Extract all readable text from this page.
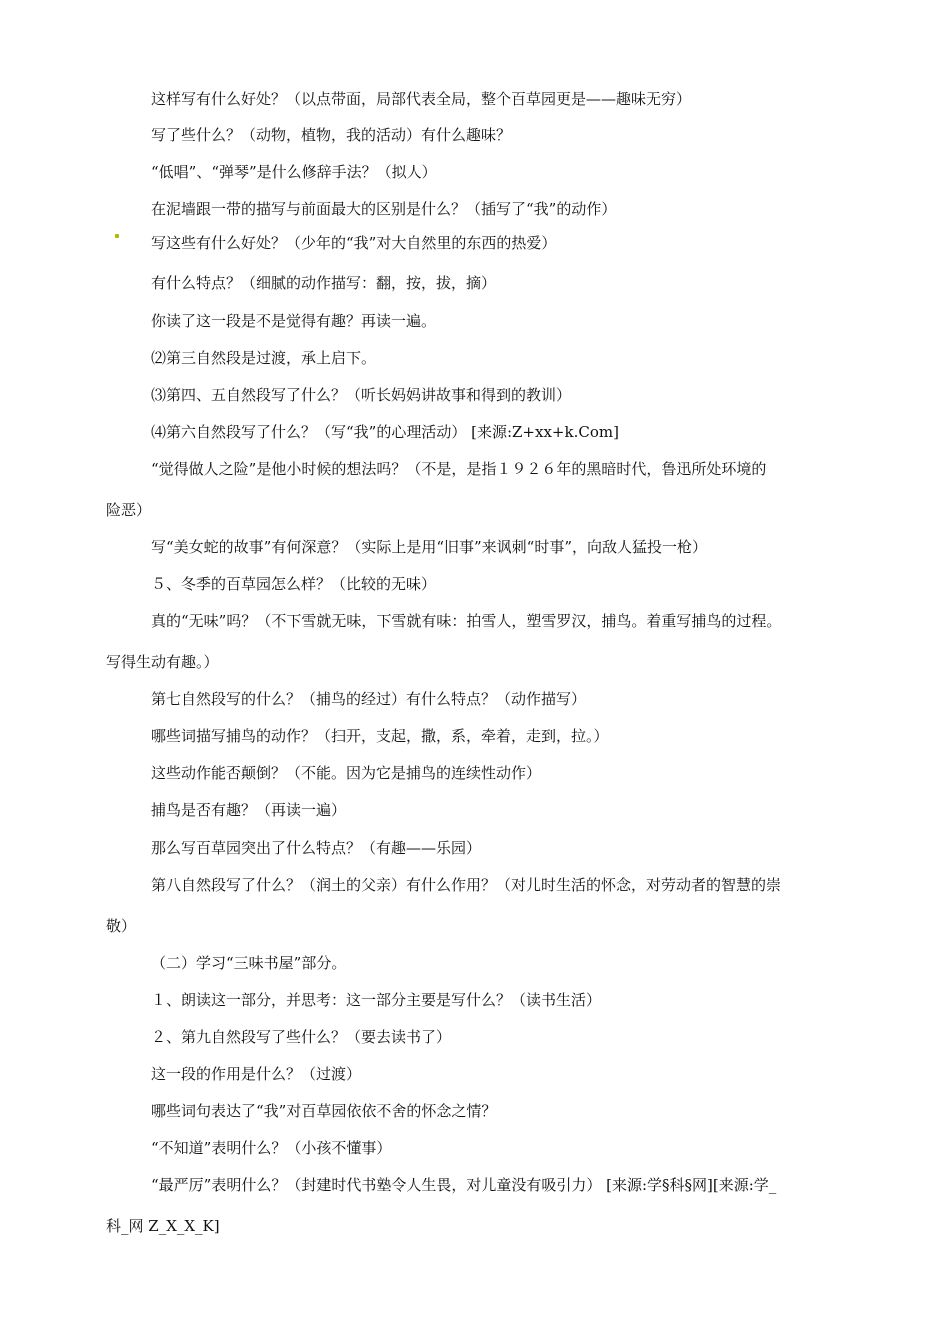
这样写有什么好处？（以点带面，局部代表全局，整个百草园更是——趣味无穷）

写了些什么？（动物，植物，我的活动）有什么趣味？

“低唱”、“弹琴”是什么修辞手法？（拟人）

在泥墙跟一带的描写与前面最大的区别是什么？（插写了“我”的动作）

写这些有什么好处？（少年的“我”对大自然里的东西的热爱）

有什么特点？（细腻的动作描写：翻，按，拔，摘）

你读了这一段是不是觉得有趣？再读一遍。

⑵第三自然段是过渡，承上启下。

⑶第四、五自然段写了什么？（听长妈妈讲故事和得到的教训）

⑷第六自然段写了什么？（写“我”的心理活动） [来源:Z+xx+k.Com]

“觉得做人之险”是他小时候的想法吗？（不是，是指１９２６年的黑暗时代，鲁迅所处环境的

险恶）

写“美女蛇的故事”有何深意？（实际上是用“旧事”来讽刺“时事”，向敌人猛投一枪）

５、冬季的百草园怎么样？（比较的无味）

真的“无味”吗？（不下雪就无味，下雪就有味：拍雪人，塑雪罗汉，捕鸟。着重写捕鸟的过程。

写得生动有趣。）

第七自然段写的什么？（捕鸟的经过）有什么特点？（动作描写）

哪些词描写捕鸟的动作？（扫开，支起，撒，系，牵着，走到，拉。）

这些动作能否颠倒？（不能。因为它是捕鸟的连续性动作）

捕鸟是否有趣？（再读一遍）

那么写百草园突出了什么特点？（有趣——乐园）

第八自然段写了什么？（润土的父亲）有什么作用？（对儿时生活的怀念，对劳动者的智慧的崇

敬）

（二）学习“三味书屋”部分。

１、朗读这一部分，并思考：这一部分主要是写什么？（读书生活）

２、第九自然段写了些什么？（要去读书了）

这一段的作用是什么？（过渡）

哪些词句表达了“我”对百草园依依不舍的怀念之情？

“不知道”表明什么？（小孩不懂事）

“最严厉”表明什么？（封建时代书塾令人生畏，对儿童没有吸引力） [来源:学§科§网][来源:学_

科_网 Z_X_X_K]
